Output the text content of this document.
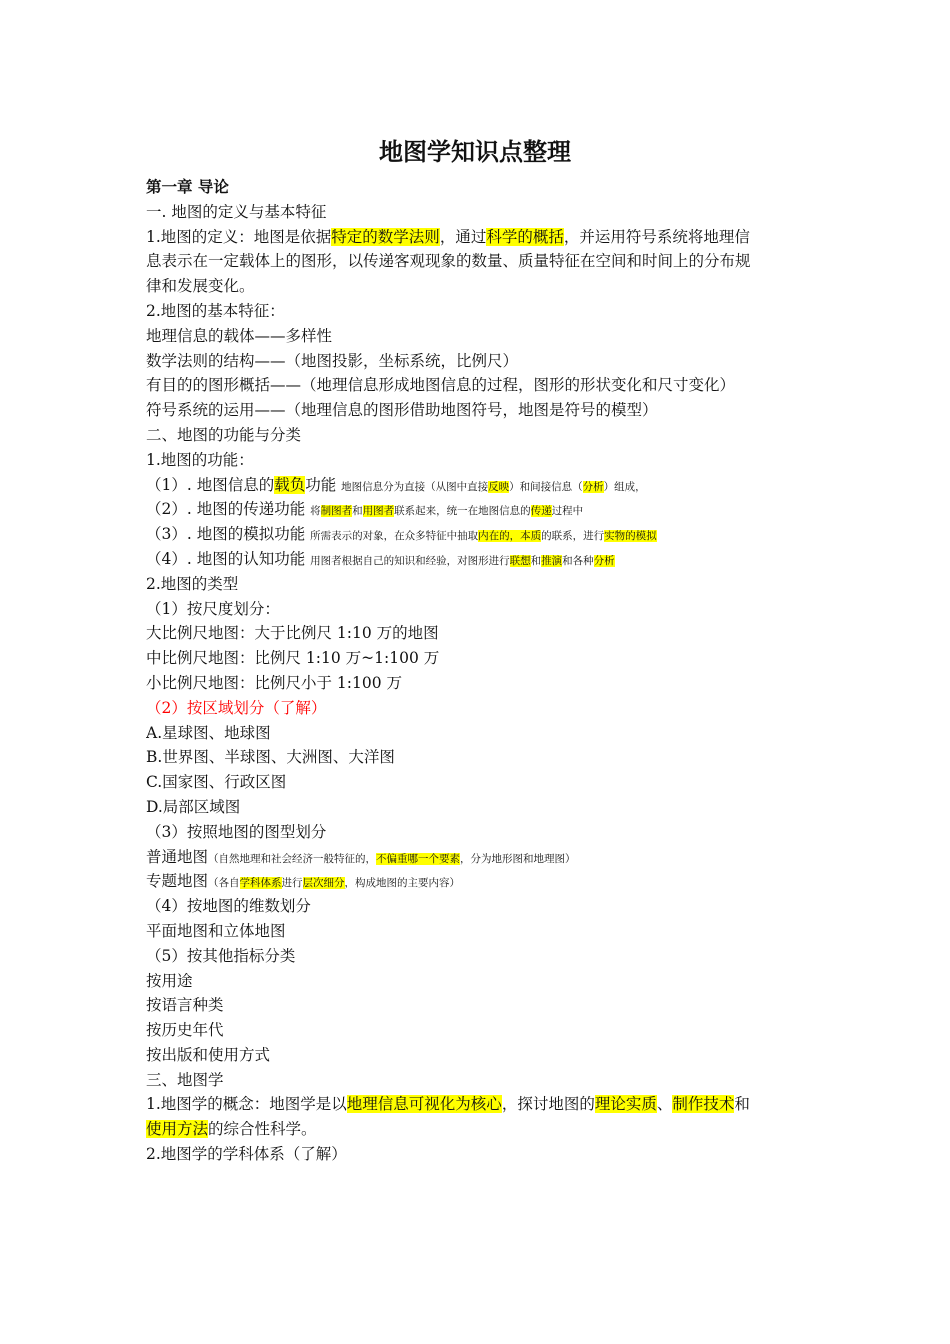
地图学知识点整理
第一章 导论
一. 地图的定义与基本特征
1.地图的定义：地图是依据特定的数学法则，通过科学的概括，并运用符号系统将地理信
息表示在一定载体上的图形，以传递客观现象的数量、质量特征在空间和时间上的分布规
律和发展变化。
2.地图的基本特征：
地理信息的载体——多样性
数学法则的结构——（地图投影，坐标系统，比例尺）
有目的的图形概括——（地理信息形成地图信息的过程，图形的形状变化和尺寸变化）
符号系统的运用——（地理信息的图形借助地图符号，地图是符号的模型）
二、地图的功能与分类
1.地图的功能：
（1）. 地图信息的载负功能 地图信息分为直接（从图中直接反映）和间接信息（分析）组成，
（2）. 地图的传递功能 将制图者和用图者联系起来，统一在地图信息的传递过程中
（3）. 地图的模拟功能 所需表示的对象，在众多特征中抽取内在的，本质的联系，进行实物的模拟
（4）. 地图的认知功能 用图者根据自己的知识和经验，对图形进行联想和推演和各种分析
2.地图的类型
（1）按尺度划分：
大比例尺地图：大于比例尺 1:10 万的地图
中比例尺地图：比例尺 1:10 万~1:100 万
小比例尺地图：比例尺小于 1:100 万
（2）按区域划分（了解）
A.星球图、地球图
B.世界图、半球图、大洲图、大洋图
C.国家图、行政区图
D.局部区域图
（3）按照地图的图型划分
普通地图（自然地理和社会经济一般特征的，不偏重哪一个要素，分为地形图和地理图）
专题地图（各自学科体系进行层次细分，构成地图的主要内容）
（4）按地图的维数划分
平面地图和立体地图
（5）按其他指标分类
按用途
按语言种类
按历史年代
按出版和使用方式
三、地图学
1.地图学的概念：地图学是以地理信息可视化为核心，探讨地图的理论实质、制作技术和
使用方法的综合性科学。
2.地图学的学科体系（了解）
